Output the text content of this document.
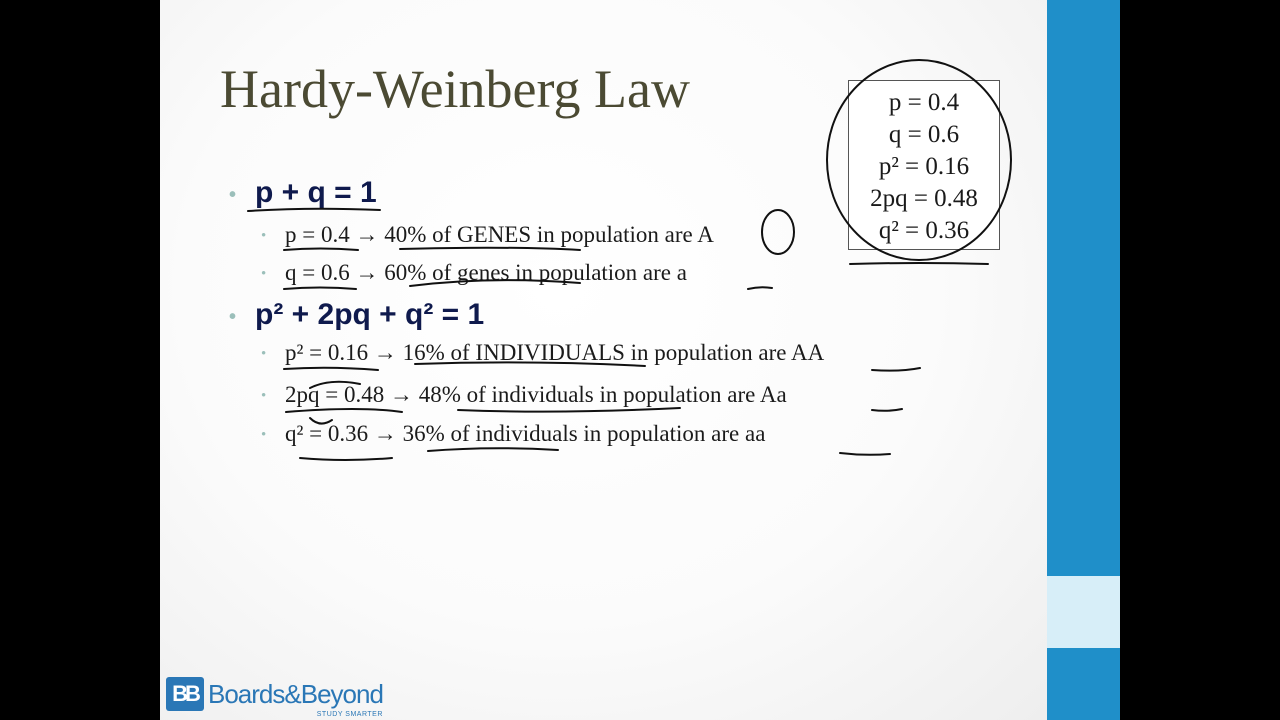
Hardy-Weinberg Law
• p + q = 1
• p = 0.4 → 40% of GENES in population are A
• q = 0.6 → 60% of genes in population are a
• p² + 2pq + q² = 1
• p² = 0.16 → 16% of INDIVIDUALS in population are AA
• 2pq = 0.48 → 48% of individuals in population are Aa
• q² = 0.36 → 36% of individuals in population are aa
p = 0.4
q = 0.6
p² = 0.16
2pq = 0.48
q² = 0.36
BB Boards&Beyond
STUDY SMARTER
